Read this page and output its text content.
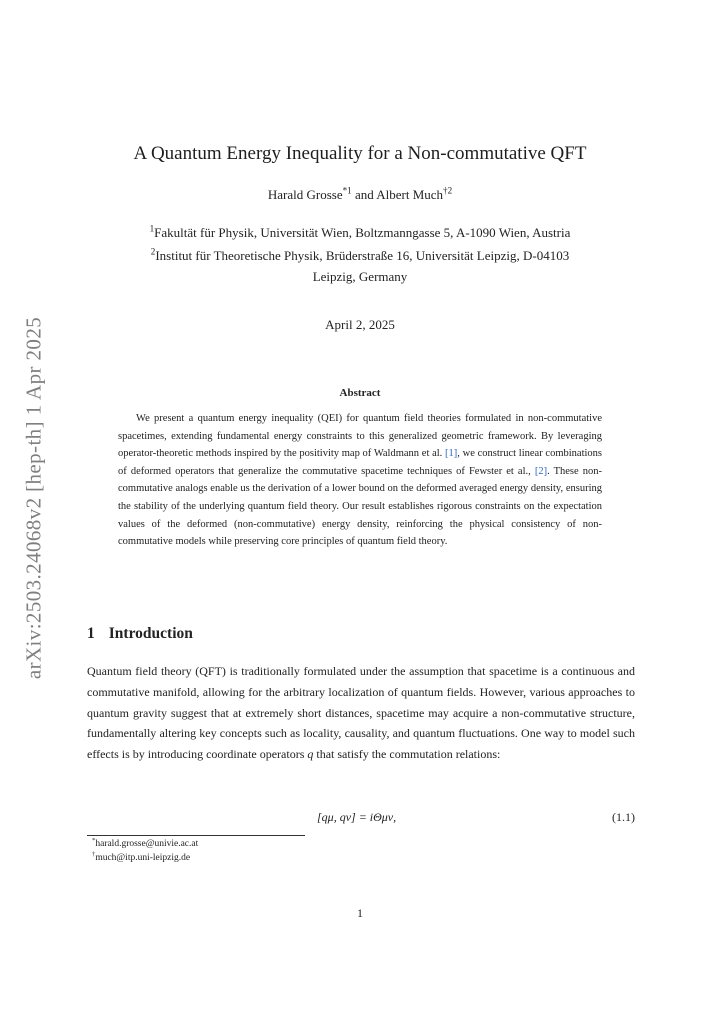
arXiv:2503.24068v2 [hep-th] 1 Apr 2025
A Quantum Energy Inequality for a Non-commutative QFT
Harald Grosse$^{*1}$ and Albert Much$^{\dagger 2}$
$^1$Fakultät für Physik, Universität Wien, Boltzmanngasse 5, A-1090 Wien, Austria
$^2$Institut für Theoretische Physik, Brüderstraße 16, Universität Leipzig, D-04103
Leipzig, Germany
April 2, 2025
Abstract
We present a quantum energy inequality (QEI) for quantum field theories formulated in non-commutative spacetimes, extending fundamental energy constraints to this generalized geometric framework. By leveraging operator-theoretic methods inspired by the positivity map of Waldmann et al. [1], we construct linear combinations of deformed operators that generalize the commutative spacetime techniques of Fewster et al., [2]. These non-commutative analogs enable us the derivation of a lower bound on the deformed averaged energy density, ensuring the stability of the underlying quantum field theory. Our result establishes rigorous constraints on the expectation values of the deformed (non-commutative) energy density, reinforcing the physical consistency of non-commutative models while preserving core principles of quantum field theory.
1 Introduction
Quantum field theory (QFT) is traditionally formulated under the assumption that spacetime is a continuous and commutative manifold, allowing for the arbitrary localization of quantum fields. However, various approaches to quantum gravity suggest that at extremely short distances, spacetime may acquire a non-commutative structure, fundamentally altering key concepts such as locality, causality, and quantum fluctuations. One way to model such effects is by introducing coordinate operators q that satisfy the commutation relations:
[qμ, qν] = iΘμν,	(1.1)
*harald.grosse@univie.ac.at
†much@itp.uni-leipzig.de
1
